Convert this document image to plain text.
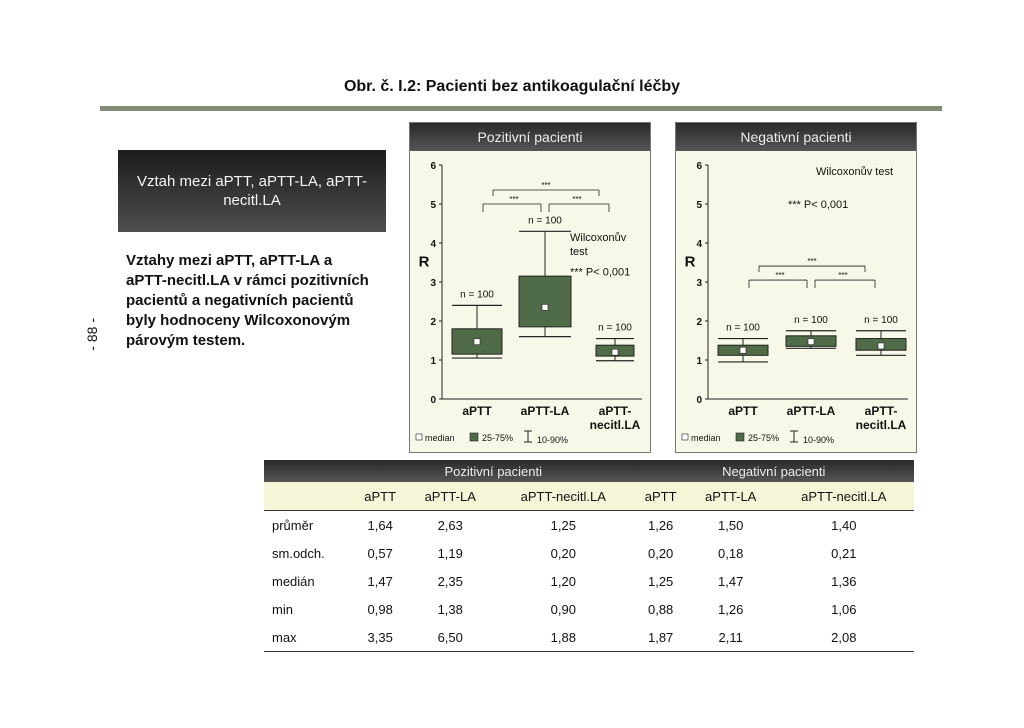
Obr. č. I.2: Pacienti bez antikoagulační léčby
- 88 -
Vztah mezi aPTT, aPTT-LA, aPTT-necitl.LA
Vztahy mezi aPTT, aPTT-LA a aPTT-necitl.LA v rámci pozitivních pacientů a negativních pacientů byly hodnoceny Wilcoxonovým párovým testem.
Pozitivní pacienti
0
1
2
3
4
5
6
R
n = 100
aPTT
n = 100
aPTT-LA
n = 100
aPTT-
necitl.LA
***	***
***
Wilcoxonův
test
*** P< 0,001
median	25-75%	10-90%
Negativní pacienti
0
1
2
3
4
5
6
R
n = 100
aPTT
n = 100
aPTT-LA
n = 100
aPTT-
necitl.LA
***	***
***
Wilcoxonův test
*** P< 0,001
median	25-75%	10-90%
	Pozitivní pacienti			Negativní pacienti		
	aPTT	aPTT-LA	aPTT-necitl.LA	aPTT	aPTT-LA	aPTT-necitl.LA
průměr	1,64	2,63	1,25	1,26	1,50	1,40
sm.odch.	0,57	1,19	0,20	0,20	0,18	0,21
medián	1,47	2,35	1,20	1,25	1,47	1,36
min	0,98	1,38	0,90	0,88	1,26	1,06
max	3,35	6,50	1,88	1,87	2,11	2,08
